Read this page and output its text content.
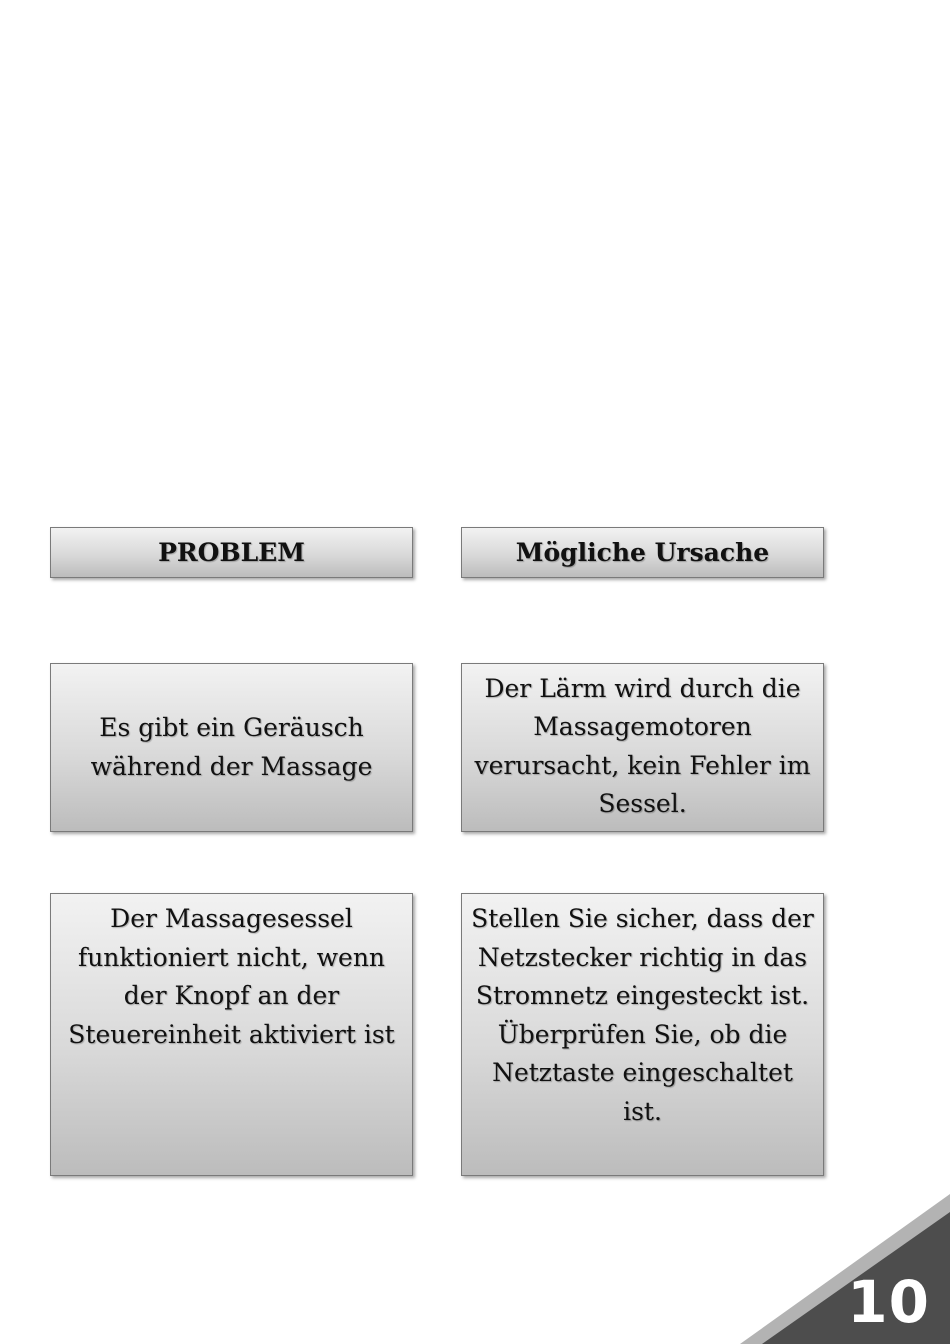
PROBLEM	Mögliche Ursache
Es gibt ein Geräusch während der Massage
Der Lärm wird durch die Massagemotoren verursacht, kein Fehler im Sessel.
Der Massagesessel funktioniert nicht, wenn der Knopf an der Steuereinheit aktiviert ist
Stellen Sie sicher, dass der Netzstecker richtig in das Stromnetz eingesteckt ist. Überprüfen Sie, ob die Netztaste eingeschaltet ist.
10
